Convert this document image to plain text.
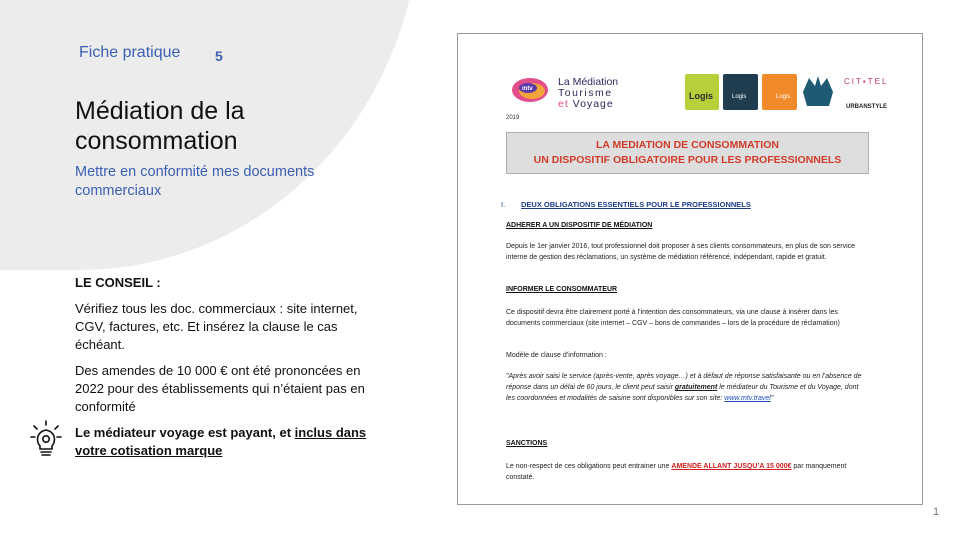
Fiche pratique 5
Médiation de la consommation
Mettre en conformité mes documents commerciaux
LE CONSEIL :

Vérifiez tous les doc. commerciaux : site internet, CGV, factures, etc. Et insérez la clause le cas échéant.

Des amendes de 10 000 € ont été prononcées en 2022 pour des établissements qui n’étaient pas en conformité

Le médiateur voyage est payant, et inclus dans votre cotisation marque

mtv
La Médiation
Tourisme
et Voyage
2019
Logis	Logis	Logis
CIT▪TEL
URBANSTYLE
LA MEDIATION DE CONSOMMATION
UN DISPOSITIF OBLIGATOIRE POUR LES PROFESSIONNELS
I. DEUX OBLIGATIONS ESSENTIELS POUR LE PROFESSIONNELS
ADHERER A UN DISPOSITIF DE MÉDIATION
Depuis le 1er janvier 2016, tout professionnel doit proposer à ses clients consommateurs, en plus de son service interne de gestion des réclamations, un système de médiation référencé, indépendant, rapide et gratuit.
INFORMER LE CONSOMMATEUR
Ce dispositif devra être clairement porté à l’intention des consommateurs, via une clause à insérer dans les documents commerciaux (site internet – CGV – bons de commandes – lors de la procédure de réclamation)
Modèle de clause d’information :
"Après avoir saisi le service (après-vente, après voyage…) et à défaut de réponse satisfaisante ou en l’absence de réponse dans un délai de 60 jours, le client peut saisir gratuitement le médiateur du Tourisme et du Voyage, dont les coordonnées et modalités de saisine sont disponibles sur son site: www.mtv.travel"
SANCTIONS
Le non-respect de ces obligations peut entrainer une AMENDE ALLANT JUSQU’A 15 000€ par manquement constaté.
1
